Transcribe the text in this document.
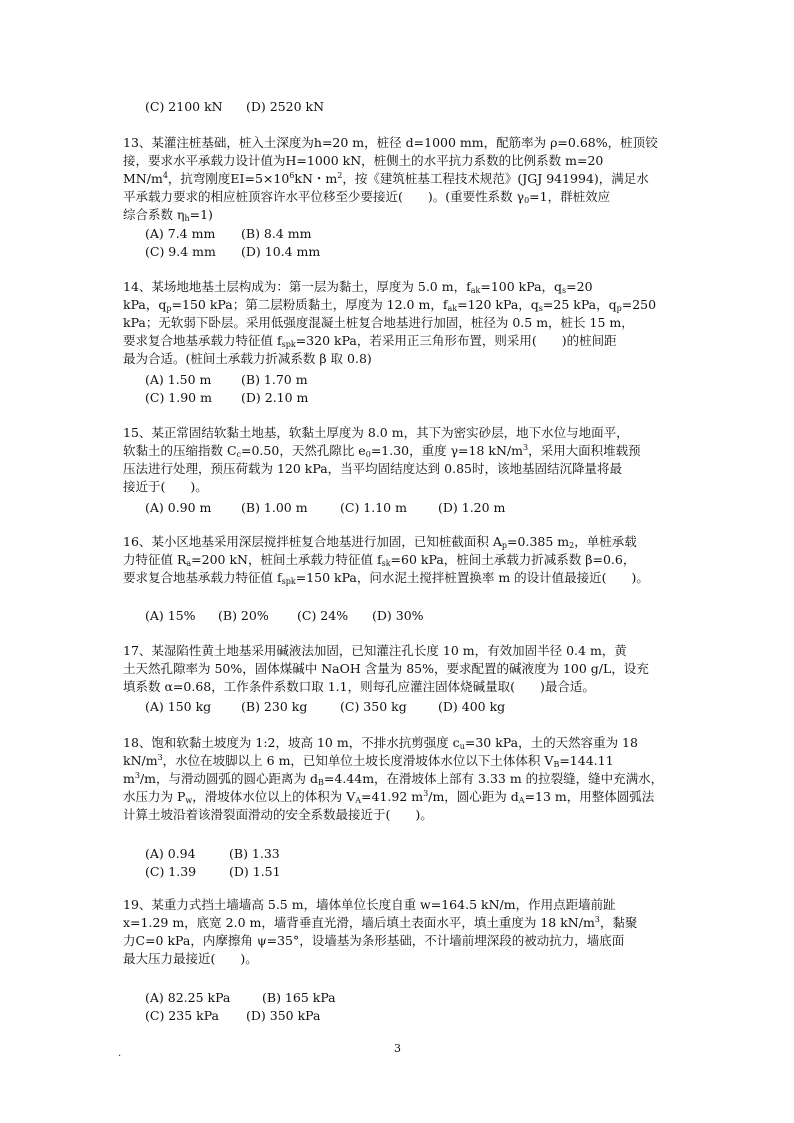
(C) 2100 kN (D) 2520 kN
13、某灌注桩基础，桩入土深度为h=20 m，桩径 d=1000 mm，配筋率为 ρ=0.68%，桩顶铰
接，要求水平承载力设计值为H=1000 kN，桩侧土的水平抗力系数的比例系数 m=20
$MN/m^4$，抗弯刚度$EI=5\times 10^6kN$・$m^2$，按《建筑桩基工程技术规范》(JGJ 941994)，满足水
平承载力要求的相应桩顶容许水平位移至少要接近(　　)。(重要性系数 $\gamma_0=1$，群桩效应
综合系数 $\eta_h=1$)
(A) 7.4 mm (B) 8.4 mm
(C) 9.4 mm (D) 10.4 mm
14、某场地地基土层构成为：第一层为黏土，厚度为 5.0 m，$f_{ak}=100$ kPa，$q_s=20$
kPa，$q_p=150$ kPa；第二层粉质黏土，厚度为 12.0 m，$f_{ak}=120$ kPa，$q_s=25$ kPa，$q_p=250$
kPa；无软弱下卧层。采用低强度混凝土桩复合地基进行加固，桩径为 0.5 m，桩长 15 m，
要求复合地基承载力特征值 $f_{spk}=320$ kPa，若采用正三角形布置，则采用(　　)的桩间距
最为合适。(桩间土承载力折减系数 β 取 0.8)
(A) 1.50 m (B) 1.70 m
(C) 1.90 m (D) 2.10 m
15、某正常固结软黏土地基，软黏土厚度为 8.0 m，其下为密实砂层，地下水位与地面平，
软黏土的压缩指数 $C_c=0.50$，天然孔隙比 $e_0=1.30$，重度 γ=18 $kN/m^3$，采用大面积堆载预
压法进行处理，预压荷载为 120 kPa，当平均固结度达到 0.85时，该地基固结沉降量将最
接近于(　　)。
(A) 0.90 m (B) 1.00 m	(C) 1.10 m (D) 1.20 m
16、某小区地基采用深层搅拌桩复合地基进行加固，已知桩截面积 $A_p=0.385$ $m_2$，单桩承载
力特征值 $R_a=200$ kN，桩间土承载力特征值 $f_{sk}=60$ kPa，桩间土承载力折减系数 β=0.6，
要求复合地基承载力特征值 $f_{spk}=150$ kPa，问水泥土搅拌桩置换率 m 的设计值最接近(　　)。
(A) 15% (B) 20% (C) 24% (D) 30%
17、某湿陷性黄土地基采用碱液法加固，已知灌注孔长度 10 m，有效加固半径 0.4 m，黄
土天然孔隙率为 50%，固体煤碱中 NaOH 含量为 85%，要求配置的碱液度为 100 g/L，设充
填系数 α=0.68，工作条件系数口取 1.1，则每孔应灌注固体烧碱量取(　　)最合适。
(A) 150 kg (B) 230 kg	(C) 350 kg	(D) 400 kg
18、饱和软黏土坡度为 1:2，坡高 10 m，不排水抗剪强度 $c_u=30$ kPa，土的天然容重为 18
$kN/m^3$，水位在坡脚以上 6 m，已知单位土坡长度滑坡体水位以下土体体积 $V_B=144.11$
$m^3/m$，与滑动圆弧的圆心距离为 $d_B=4.44m$，在滑坡体上部有 3.33 m 的拉裂缝，缝中充满水，
水压力为 $P_w$，滑坡体水位以上的体积为 $V_A=41.92$ $m^3/m$，圆心距为 $d_A=13$ m，用整体圆弧法
计算土坡沿着该滑裂面滑动的安全系数最接近于(　　)。
(A) 0.94	(B) 1.33
(C) 1.39	(D) 1.51
19、某重力式挡土墙墙高 5.5 m，墙体单位长度自重 w=164.5 kN/m，作用点距墙前趾
x=1.29 m，底宽 2.0 m，墙背垂直光滑，墙后填土表面水平，填土重度为 18 $kN/m^3$，黏聚
力C=0 kPa，内摩擦角 ψ=35°，设墙基为条形基础，不计墙前埋深段的被动抗力，墙底面
最大压力最接近(　　)。
(A) 82.25 kPa	(B) 165 kPa
(C) 235 kPa (D) 350 kPa
.	3
